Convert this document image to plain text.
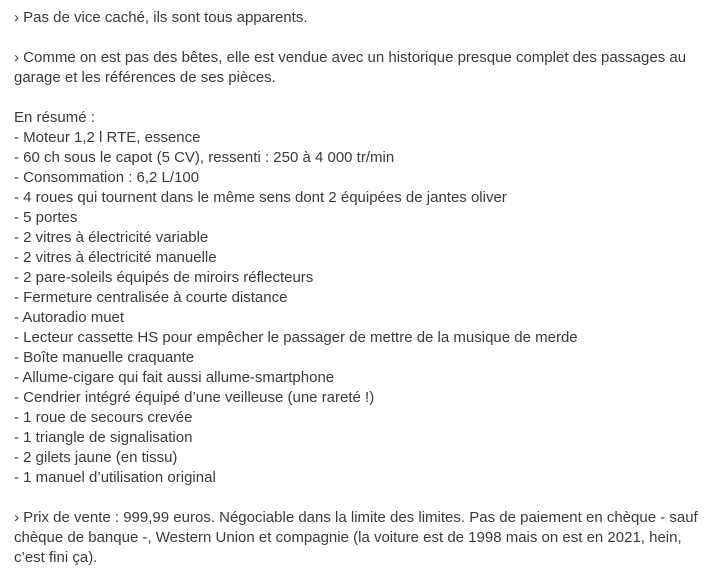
› Pas de vice caché, ils sont tous apparents.

› Comme on est pas des bêtes, elle est vendue avec un historique presque complet des passages au garage et les références de ses pièces.

En résumé :
- Moteur 1,2 l RTE, essence
- 60 ch sous le capot (5 CV), ressenti : 250 à 4 000 tr/min
- Consommation : 6,2 L/100
- 4 roues qui tournent dans le même sens dont 2 équipées de jantes oliver
- 5 portes
- 2 vitres à électricité variable
- 2 vitres à électricité manuelle
- 2 pare-soleils équipés de miroirs réflecteurs
- Fermeture centralisée à courte distance
- Autoradio muet
- Lecteur cassette HS pour empêcher le passager de mettre de la musique de merde
- Boîte manuelle craquante
- Allume-cigare qui fait aussi allume-smartphone
- Cendrier intégré équipé d’une veilleuse (une rareté !)
- 1 roue de secours crevée
- 1 triangle de signalisation
- 2 gilets jaune (en tissu)
- 1 manuel d’utilisation original

› Prix de vente : 999,99 euros. Négociable dans la limite des limites. Pas de paiement en chèque - sauf chèque de banque -, Western Union et compagnie (la voiture est de 1998 mais on est en 2021, hein, c’est fini ça).
